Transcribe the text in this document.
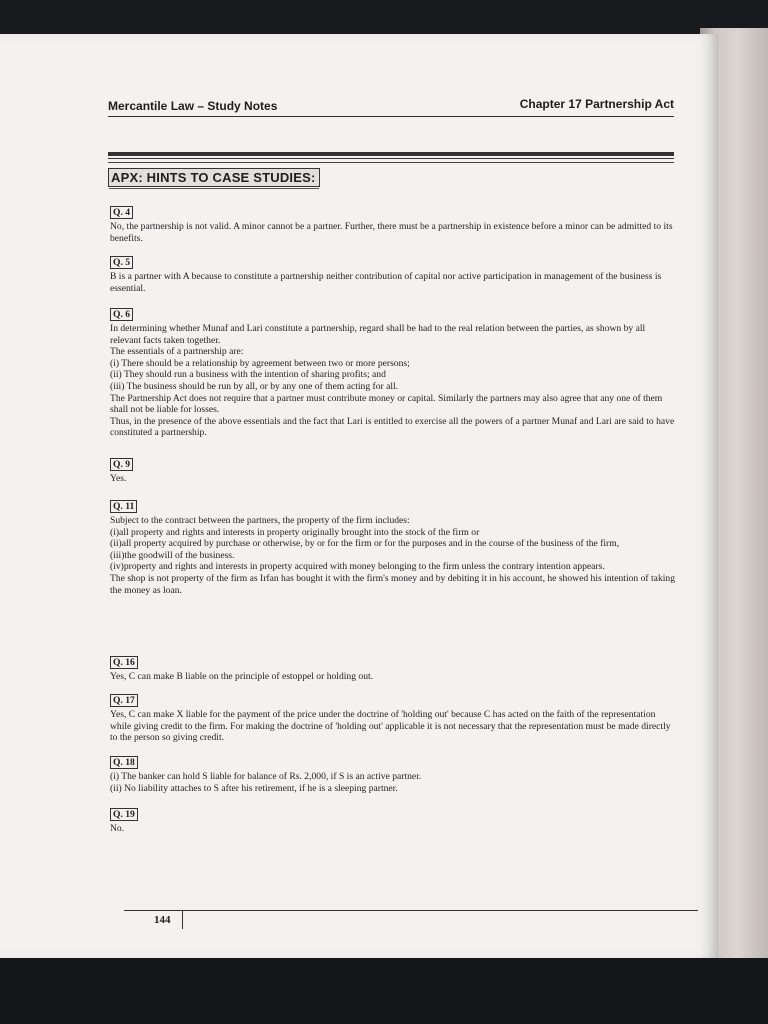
Mercantile Law – Study Notes	Chapter 17 Partnership Act
APX: HINTS TO CASE STUDIES:
Q. 4

No, the partnership is not valid. A minor cannot be a partner. Further, there must be a partnership in existence before a minor can be admitted to its benefits.

Q. 5

B is a partner with A because to constitute a partnership neither contribution of capital nor active participation in management of the business is essential.

Q. 6

In determining whether Munaf and Lari constitute a partnership, regard shall be had to the real relation between the parties, as shown by all relevant facts taken together.

The essentials of a partnership are:

(i) There should be a relationship by agreement between two or more persons;

(ii) They should run a business with the intention of sharing profits; and

(iii) The business should be run by all, or by any one of them acting for all.

The Partnership Act does not require that a partner must contribute money or capital. Similarly the partners may also agree that any one of them shall not be liable for losses.

Thus, in the presence of the above essentials and the fact that Lari is entitled to exercise all the powers of a partner Munaf and Lari are said to have constituted a partnership.

Q. 9

Yes.

Q. 11

Subject to the contract between the partners, the property of the firm includes:

(i)all property and rights and interests in property originally brought into the stock of the firm or

(ii)all property acquired by purchase or otherwise, by or for the firm or for the purposes and in the course of the business of the firm,

(iii)the goodwill of the business.

(iv)property and rights and interests in property acquired with money belonging to the firm unless the contrary intention appears.

The shop is not property of the firm as Irfan has bought it with the firm's money and by debiting it in his account, he showed his intention of taking the money as loan.

Q. 16

Yes, C can make B liable on the principle of estoppel or holding out.

Q. 17

Yes, C can make X liable for the payment of the price under the doctrine of 'holding out' because C has acted on the faith of the representation while giving credit to the firm. For making the doctrine of 'holding out' applicable it is not necessary that the representation must be made directly to the person so giving credit.

Q. 18

(i) The banker can hold S liable for balance of Rs. 2,000, if S is an active partner.

(ii) No liability attaches to S after his retirement, if he is a sleeping partner.

Q. 19

No.

144
